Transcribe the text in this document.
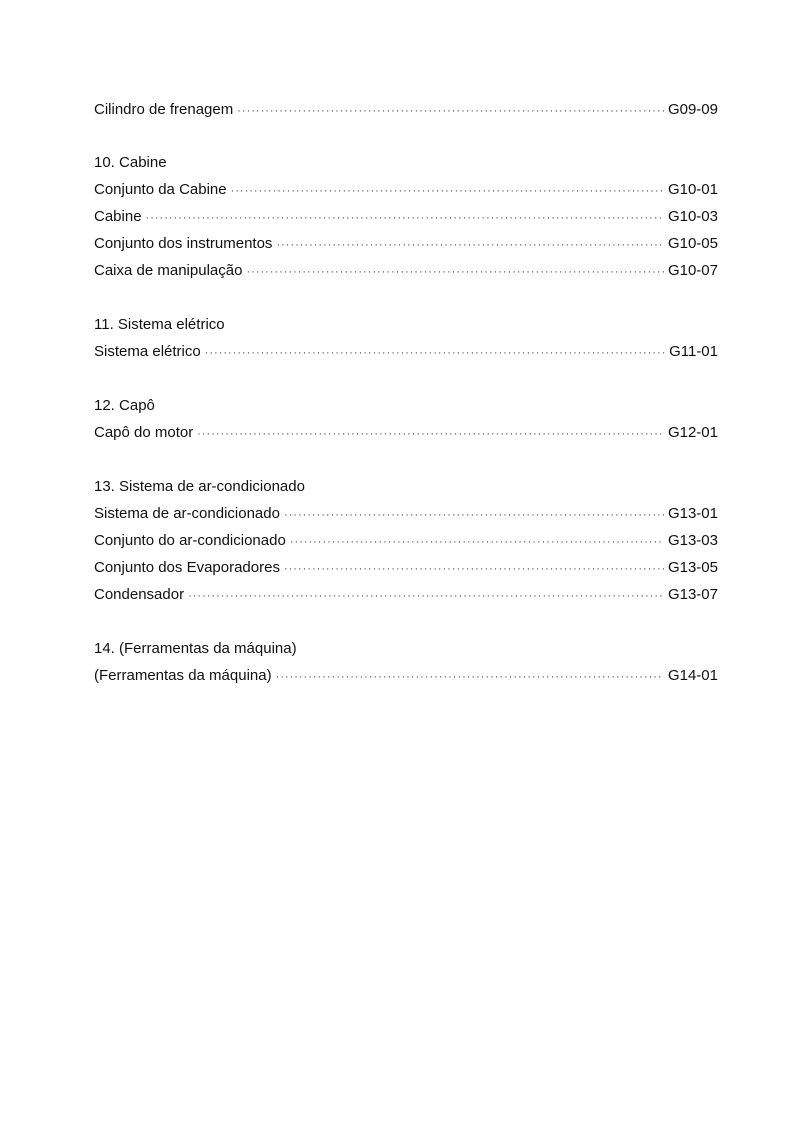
Cilindro de frenagem ·····	G09-09
10. Cabine
Conjunto da Cabine ·····	G10-01
Cabine ·····	G10-03
Conjunto dos instrumentos ·····	G10-05
Caixa de manipulação ·····	G10-07
11. Sistema elétrico
Sistema elétrico ·····	G11-01
12. Capô
Capô do motor ·····	G12-01
13. Sistema de ar-condicionado
Sistema de ar-condicionado ·····	G13-01
Conjunto do ar-condicionado ·····	G13-03
Conjunto dos Evaporadores ·····	G13-05
Condensador ·····	G13-07
14. (Ferramentas da máquina)
(Ferramentas da máquina) ·····	G14-01
